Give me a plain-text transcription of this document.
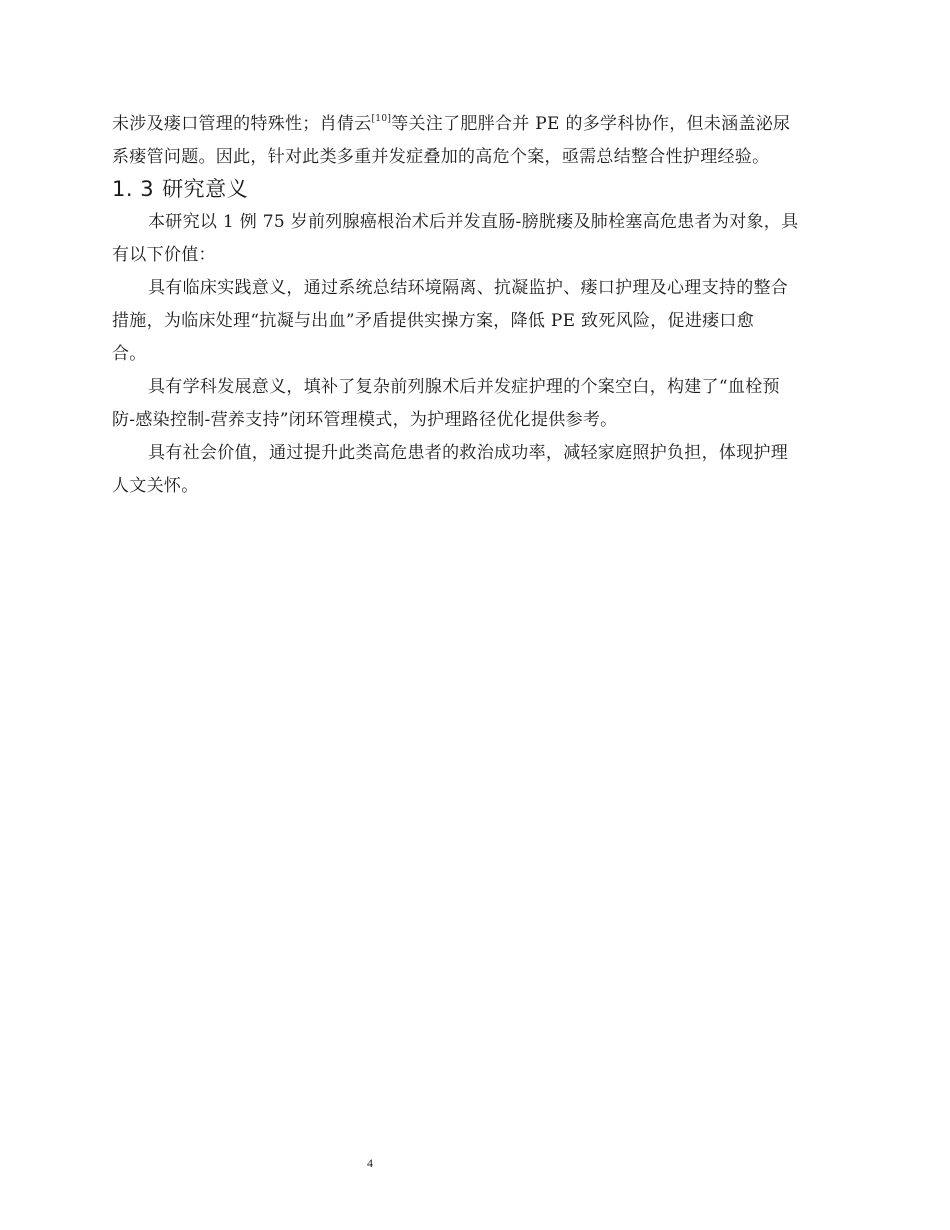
未涉及瘘口管理的特殊性；肖倩云[10]等关注了肥胖合并 PE 的多学科协作，但未涵盖泌尿
系瘘管问题。因此，针对此类多重并发症叠加的高危个案，亟需总结整合性护理经验。

1. 3 研究意义

本研究以 1 例 75 岁前列腺癌根治术后并发直肠-膀胱瘘及肺栓塞高危患者为对象，具
有以下价值：

具有临床实践意义，通过系统总结环境隔离、抗凝监护、瘘口护理及心理支持的整合
措施，为临床处理“抗凝与出血”矛盾提供实操方案，降低 PE 致死风险，促进瘘口愈
合。

具有学科发展意义，填补了复杂前列腺术后并发症护理的个案空白，构建了“血栓预
防-感染控制-营养支持”闭环管理模式，为护理路径优化提供参考。

具有社会价值，通过提升此类高危患者的救治成功率，减轻家庭照护负担，体现护理
人文关怀。

4
